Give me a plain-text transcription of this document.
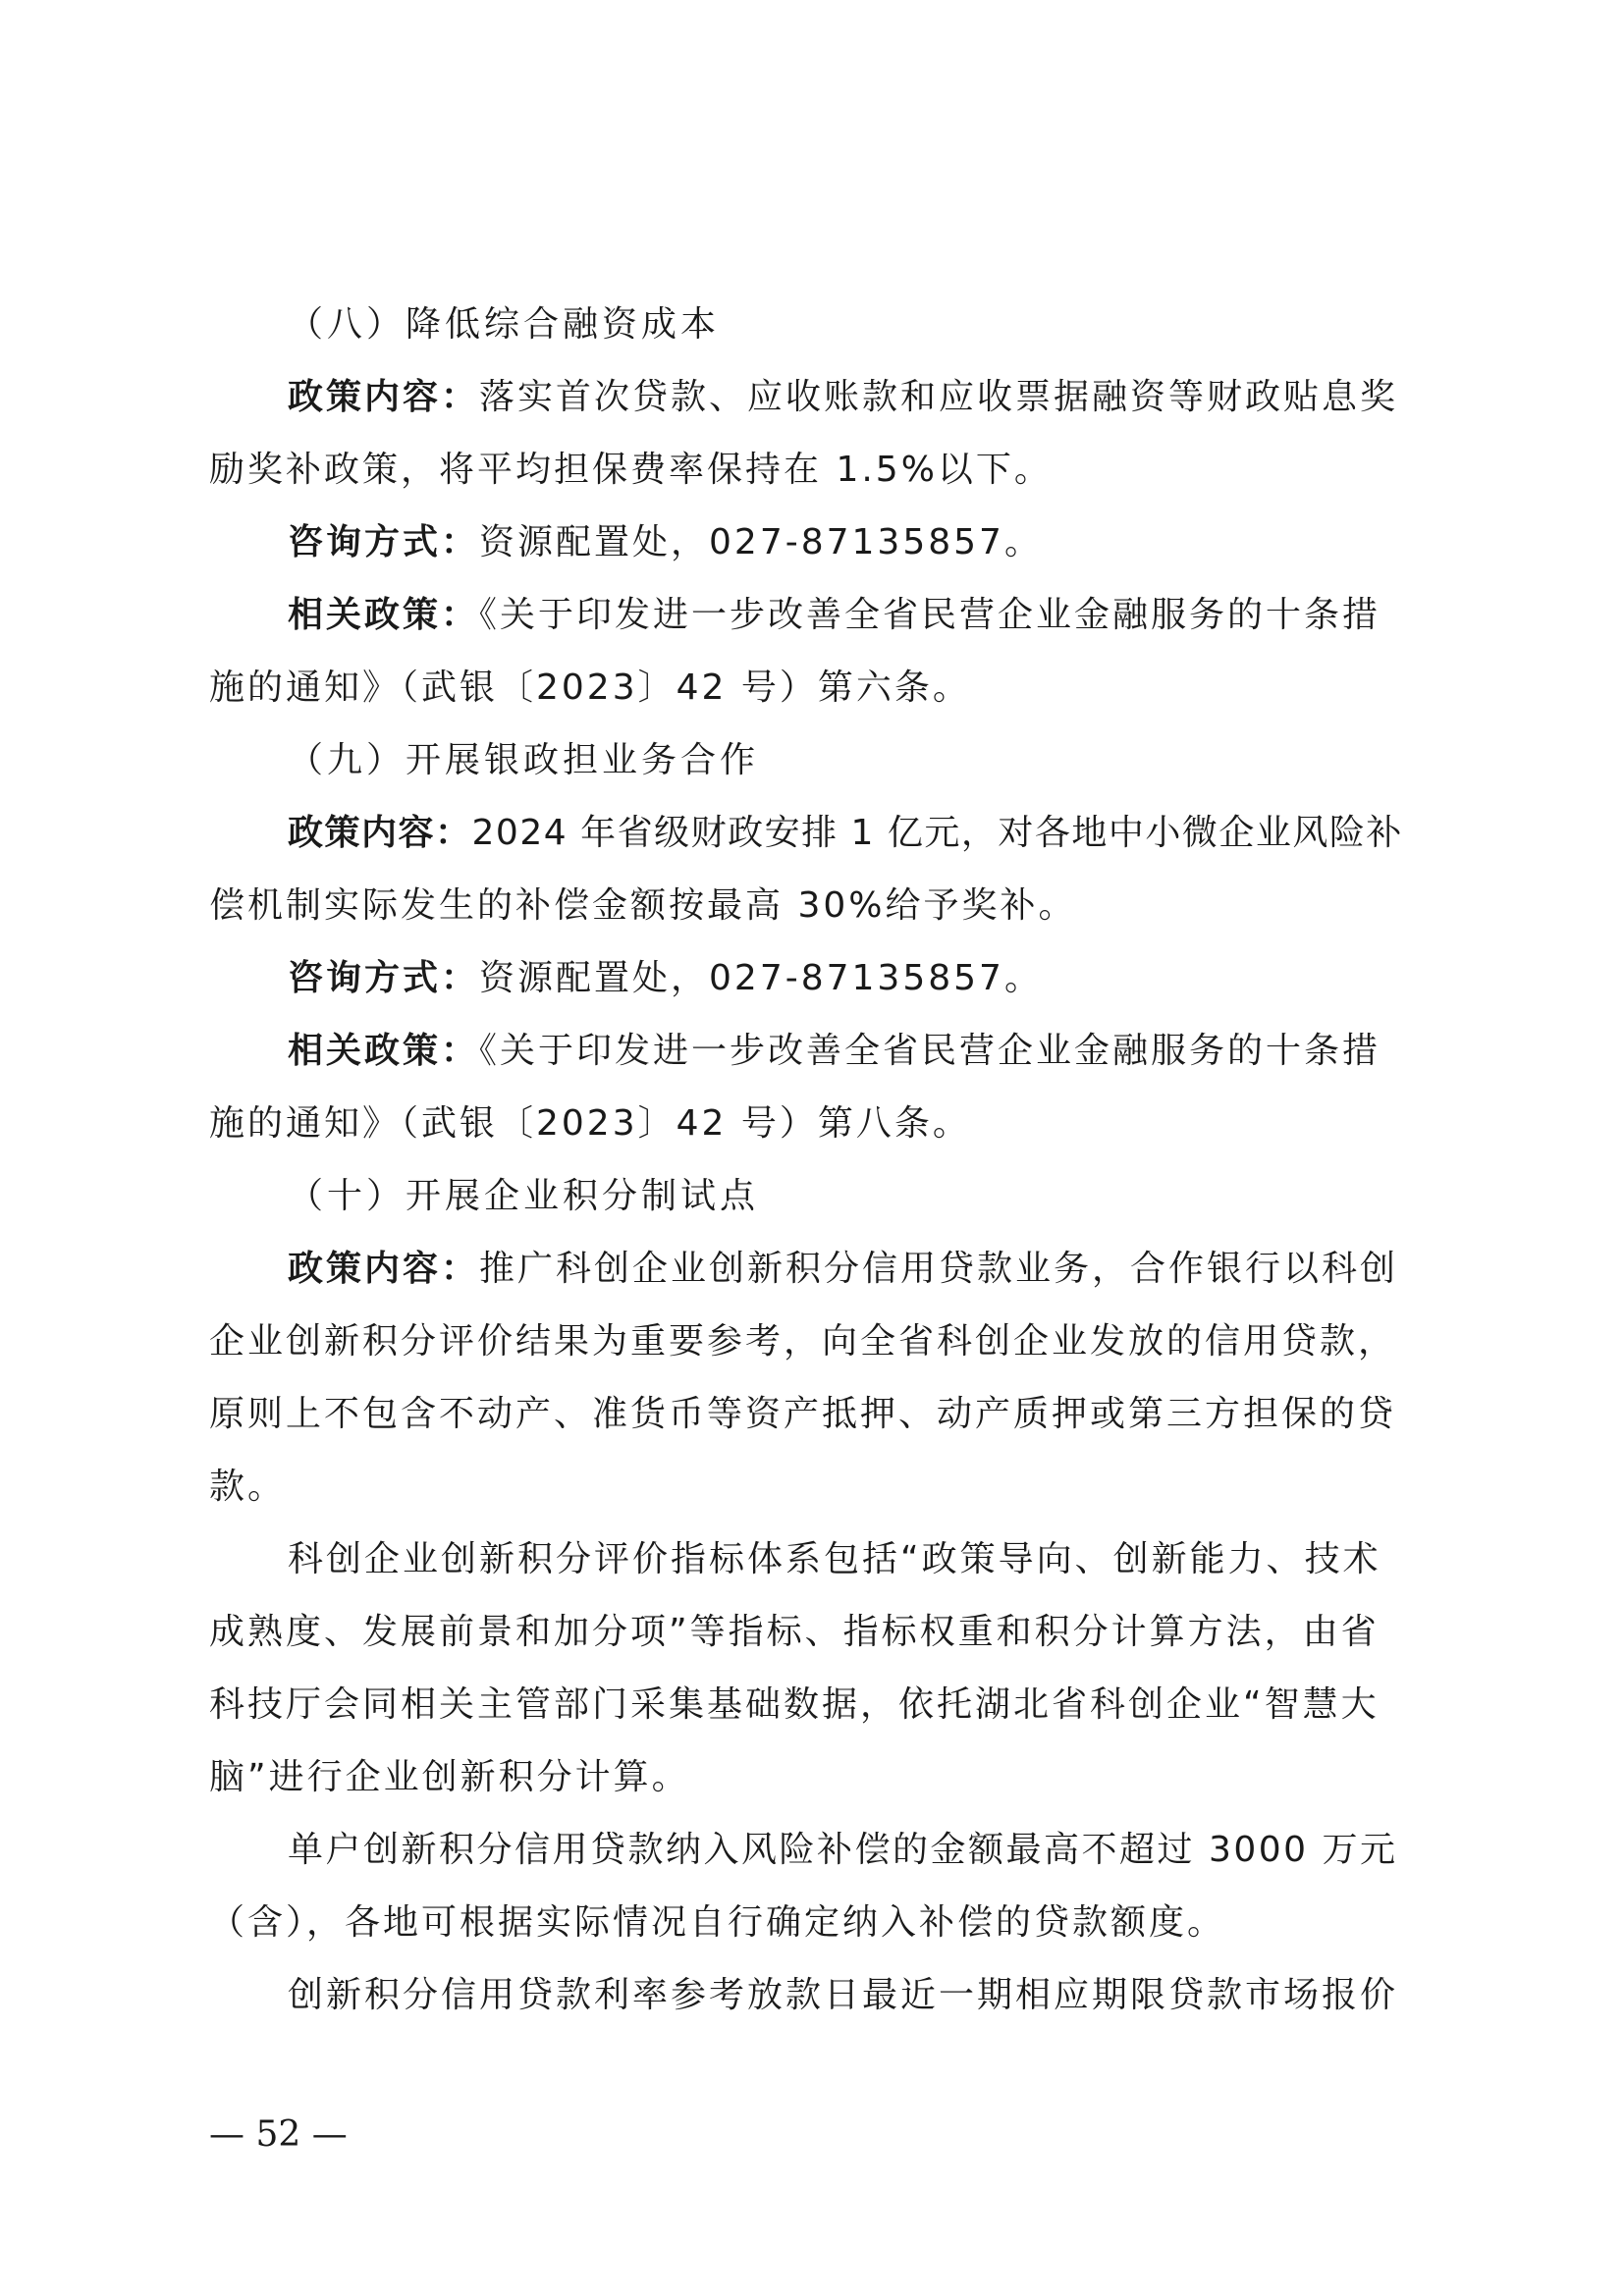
（八）降低综合融资成本
政策内容：落实首次贷款、应收账款和应收票据融资等财政贴息奖
励奖补政策，将平均担保费率保持在 1.5%以下。
咨询方式：资源配置处，027-87135857。
相关政策：《关于印发进一步改善全省民营企业金融服务的十条措
施的通知》（武银〔2023〕42 号）第六条。
（九）开展银政担业务合作
政策内容：2024 年省级财政安排 1 亿元，对各地中小微企业风险补
偿机制实际发生的补偿金额按最高 30%给予奖补。
咨询方式：资源配置处，027-87135857。
相关政策：《关于印发进一步改善全省民营企业金融服务的十条措
施的通知》（武银〔2023〕42 号）第八条。
（十）开展企业积分制试点
政策内容：推广科创企业创新积分信用贷款业务，合作银行以科创
企业创新积分评价结果为重要参考，向全省科创企业发放的信用贷款，
原则上不包含不动产、准货币等资产抵押、动产质押或第三方担保的贷
款。
科创企业创新积分评价指标体系包括“政策导向、创新能力、技术
成熟度、发展前景和加分项”等指标、指标权重和积分计算方法，由省
科技厅会同相关主管部门采集基础数据，依托湖北省科创企业“智慧大
脑”进行企业创新积分计算。
单户创新积分信用贷款纳入风险补偿的金额最高不超过 3000 万元
（含），各地可根据实际情况自行确定纳入补偿的贷款额度。
创新积分信用贷款利率参考放款日最近一期相应期限贷款市场报价
— 52 —
